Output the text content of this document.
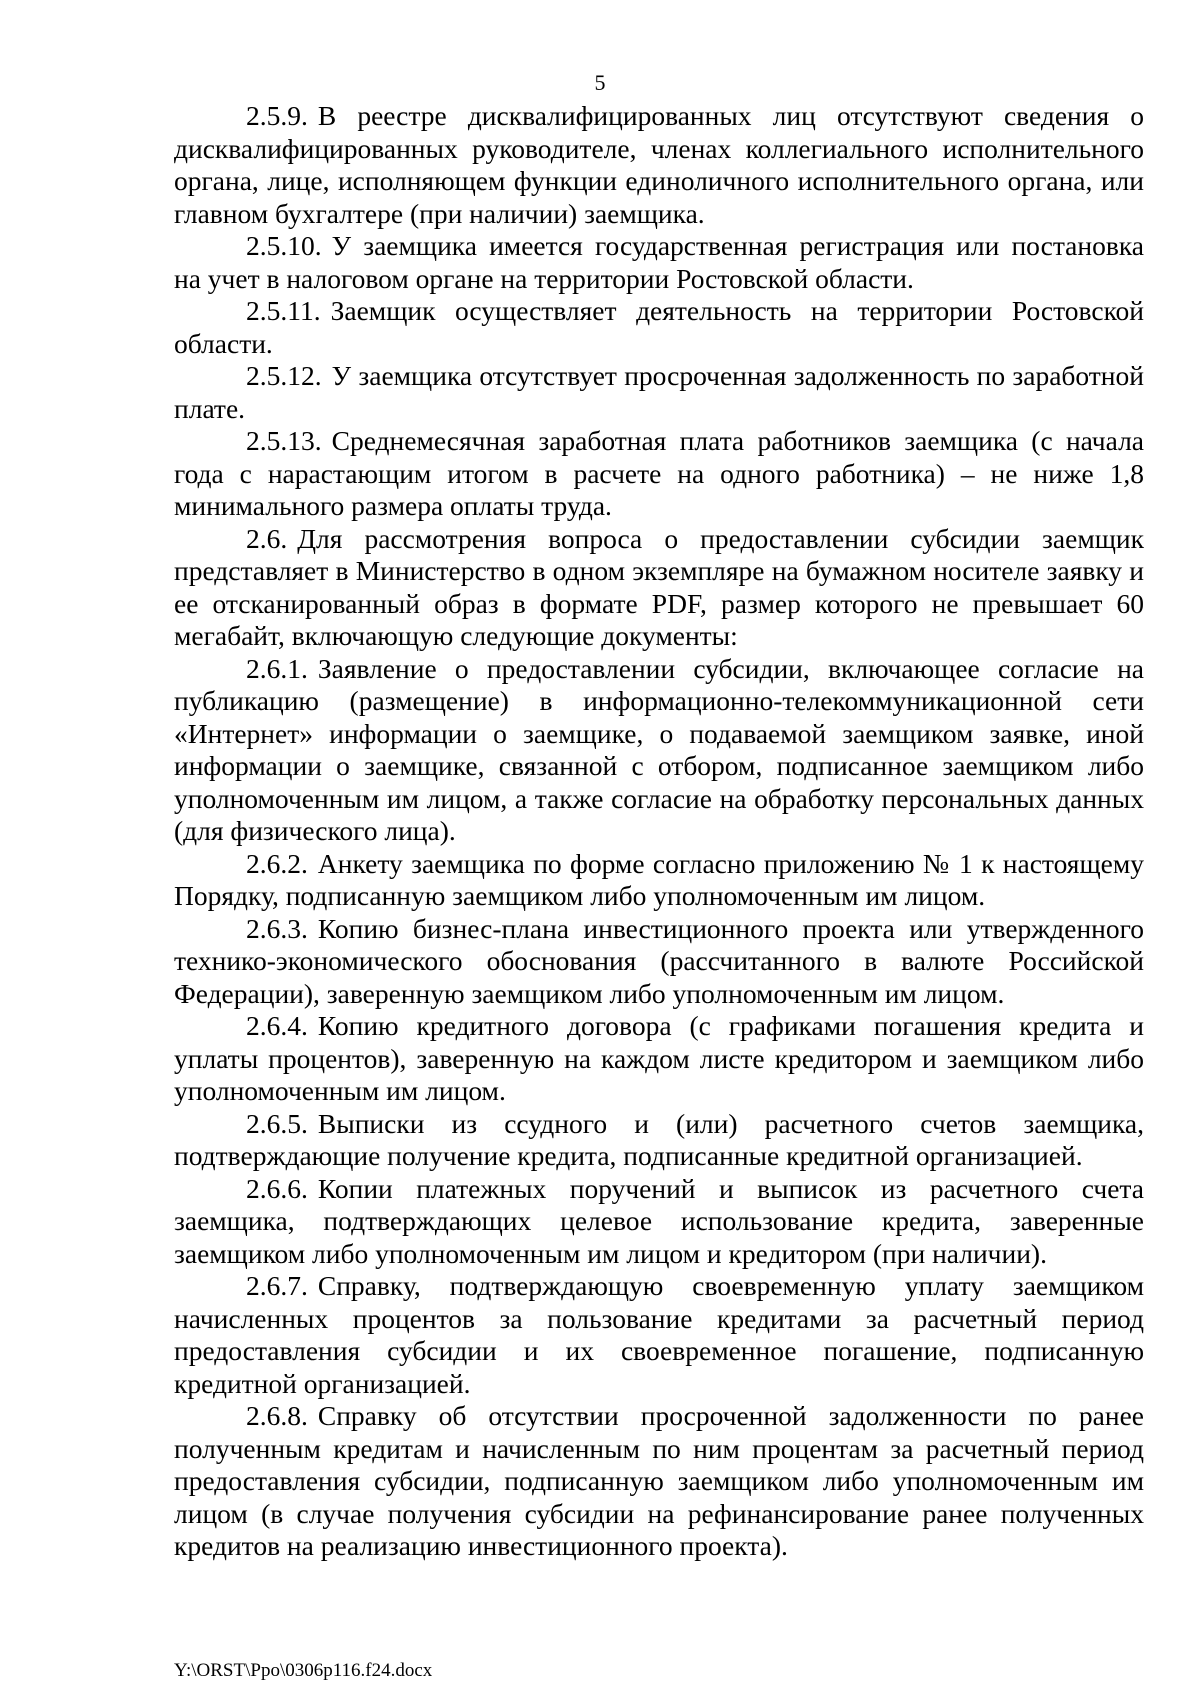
5

2.5.9. В реестре дисквалифицированных лиц отсутствуют сведения о дисквалифицированных руководителе, членах коллегиального исполнительного органа, лице, исполняющем функции единоличного исполнительного органа, или главном бухгалтере (при наличии) заемщика.

2.5.10. У заемщика имеется государственная регистрация или постановка на учет в налоговом органе на территории Ростовской области.

2.5.11. Заемщик осуществляет деятельность на территории Ростовской области.

2.5.12. У заемщика отсутствует просроченная задолженность по заработной плате.

2.5.13. Среднемесячная заработная плата работников заемщика (с начала года с нарастающим итогом в расчете на одного работника) – не ниже 1,8 минимального размера оплаты труда.

2.6. Для рассмотрения вопроса о предоставлении субсидии заемщик представляет в Министерство в одном экземпляре на бумажном носителе заявку и ее отсканированный образ в формате PDF, размер которого не превышает 60 мегабайт, включающую следующие документы:

2.6.1. Заявление о предоставлении субсидии, включающее согласие на публикацию (размещение) в информационно-телекоммуникационной сети «Интернет» информации о заемщике, о подаваемой заемщиком заявке, иной информации о заемщике, связанной с отбором, подписанное заемщиком либо уполномоченным им лицом, а также согласие на обработку персональных данных (для физического лица).

2.6.2. Анкету заемщика по форме согласно приложению № 1 к настоящему Порядку, подписанную заемщиком либо уполномоченным им лицом.

2.6.3. Копию бизнес-плана инвестиционного проекта или утвержденного технико-экономического обоснования (рассчитанного в валюте Российской Федерации), заверенную заемщиком либо уполномоченным им лицом.

2.6.4. Копию кредитного договора (с графиками погашения кредита и уплаты процентов), заверенную на каждом листе кредитором и заемщиком либо уполномоченным им лицом.

2.6.5. Выписки из ссудного и (или) расчетного счетов заемщика, подтверждающие получение кредита, подписанные кредитной организацией.

2.6.6. Копии платежных поручений и выписок из расчетного счета заемщика, подтверждающих целевое использование кредита, заверенные заемщиком либо уполномоченным им лицом и кредитором (при наличии).

2.6.7. Справку, подтверждающую своевременную уплату заемщиком начисленных процентов за пользование кредитами за расчетный период предоставления субсидии и их своевременное погашение, подписанную кредитной организацией.

2.6.8. Справку об отсутствии просроченной задолженности по ранее полученным кредитам и начисленным по ним процентам за расчетный период предоставления субсидии, подписанную заемщиком либо уполномоченным им лицом (в случае получения субсидии на рефинансирование ранее полученных кредитов на реализацию инвестиционного проекта).

Y:\ORST\Ppo\0306p116.f24.docx
